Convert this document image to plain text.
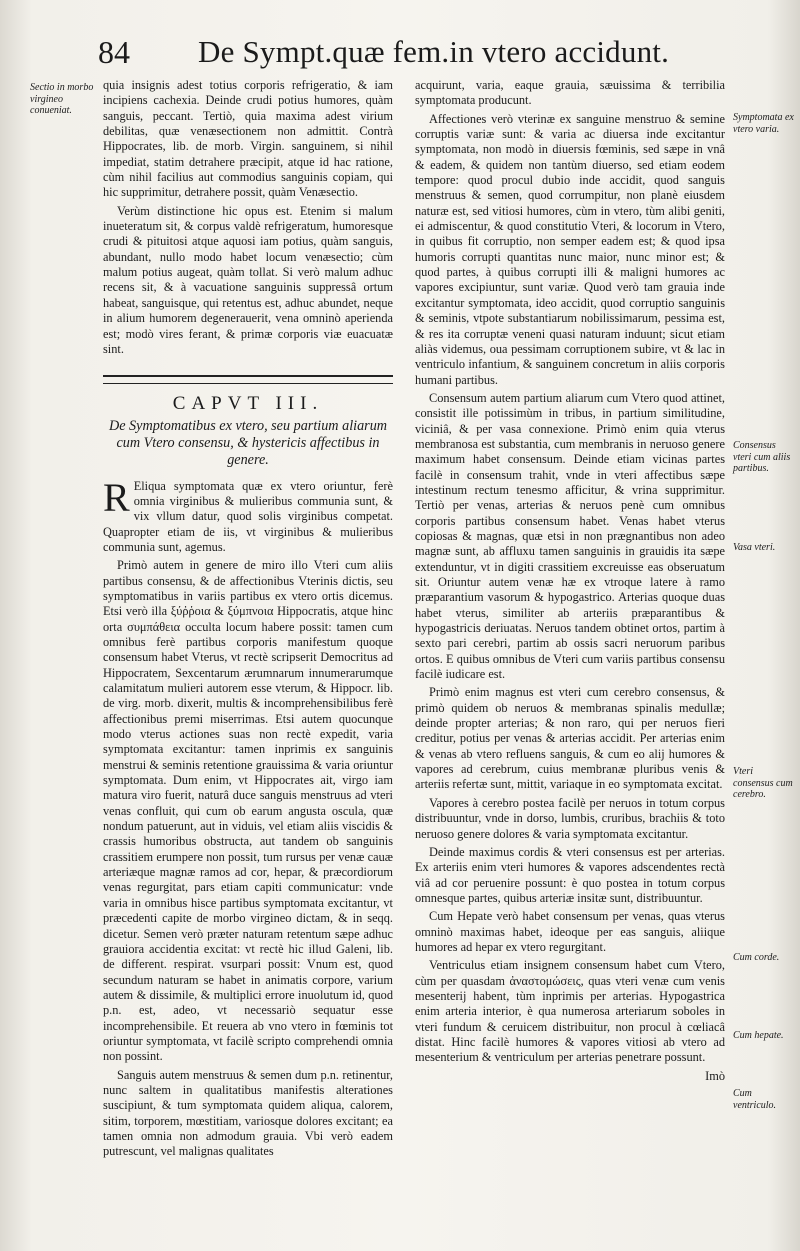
84 De Sympt.quæ fem.in vtero accidunt.
Sectio in morbo virgineo conueniat.
Symptomata ex vtero varia.
Consensus vteri cum aliis partibus.
Vasa vteri.
Vteri consensus cum cerebro.
Cum corde.
Cum hepate.
Cum ventriculo.

quia insignis adest totius corporis refrigeratio, & iam incipiens cachexia. Deinde crudi potius humores, quàm sanguis, peccant. Tertiò, quia maxima adest virium debilitas, quæ venæsectionem non admittit. Contrà Hippocrates, lib. de morb. Virgin. sanguinem, si nihil impediat, statim detrahere præcipit, atque id hac ratione, cùm nihil facilius aut commodius sanguinis copiam, qui hic supprimitur, detrahere possit, quàm Venæsectio.

Verùm distinctione hic opus est. Etenim si malum inueteratum sit, & corpus valdè refrigeratum, humoresque crudi & pituitosi atque aquosi iam potius, quàm sanguis, abundant, nullo modo habet locum venæsectio; cùm malum potius augeat, quàm tollat. Si verò malum adhuc recens sit, & à vacuatione sanguinis suppressâ ortum habeat, sanguisque, qui retentus est, adhuc abundet, neque in alium humorem degenerauerit, vena omninò aperienda est; modò vires ferant, & primæ corporis viæ euacuatæ sint.

CAPVT III.
De Symptomatibus ex vtero, seu partium aliarum cum Vtero consensu, & hystericis affectibus in genere.

R Eliqua symptomata quæ ex vtero oriuntur, ferè omnia virginibus & mulieribus communia sunt, & vix vllum datur, quod solis virginibus competat. Quapropter etiam de iis, vt virginibus & mulieribus communia sunt, agemus.

Primò autem in genere de miro illo Vteri cum aliis partibus consensu, & de affectionibus Vterinis dictis, seu symptomatibus in variis partibus ex vtero ortis dicemus. Etsi verò illa ξύῤῥοια & ξύμπνοια Hippocratis, atque hinc orta συμπάθεια occulta locum habere possit: tamen cum omnibus ferè partibus corporis manifestum quoque consensum habet Vterus, vt rectè scripserit Democritus ad Hippocratem, Sexcentarum ærumnarum innumerarumque calamitatum mulieri autorem esse vterum, & Hippocr. lib. de virg. morb. dixerit, multis & incomprehensibilibus ferè affectionibus premi miserrimas. Etsi autem quocunque modo vterus actiones suas non rectè expedit, varia symptomata excitantur: tamen inprimis ex sanguinis menstrui & seminis retentione grauissima & varia oriuntur symptomata. Dum enim, vt Hippocrates ait, virgo iam matura viro fuerit, naturâ duce sanguis menstruus ad vteri venas confluit, qui cum ob earum angusta oscula, quæ nondum patuerunt, aut in viduis, vel etiam aliis viscidis & crassis humoribus obstructa, aut tandem ob sanguinis crassitiem erumpere non possit, tum rursus per venæ cauæ arteriæque magnæ ramos ad cor, hepar, & præcordiorum venas regurgitat, pars etiam capiti communicatur: vnde varia in omnibus hisce partibus symptomata excitantur, vt præcedenti capite de morbo virgineo dictam, & in seqq. dicetur. Semen verò præter naturam retentum sæpe adhuc grauiora accidentia excitat: vt rectè hic illud Galeni, lib. de different. respirat. vsurpari possit: Vnum est, quod secundum naturam se habet in animatis corpore, varium autem & dissimile, & multiplici errore inuolutum id, quod p.n. est, adeo, vt necessariò sequatur esse incomprehensibile. Et reuera ab vno vtero in fœminis tot oriuntur symptomata, vt facilè scripto comprehendi omnia non possint.

Sanguis autem menstruus & semen dum p.n. retinentur, nunc saltem in qualitatibus manifestis alterationes suscipiunt, & tum symptomata quidem aliqua, calorem, sitim, torporem, mœstitiam, variosque dolores excitant; ea tamen omnia non admodum grauia. Vbi verò eadem putrescunt, vel malignas qualitates

acquirunt, varia, eaque grauia, sæuissima & terribilia symptomata producunt.

Affectiones verò vterinæ ex sanguine menstruo & semine corruptis variæ sunt: & varia ac diuersa inde excitantur symptomata, non modò in diuersis fœminis, sed sæpe in vnâ & eadem, & quidem non tantùm diuerso, sed etiam eodem tempore: quod procul dubio inde accidit, quod sanguis menstruus & semen, quod corrumpitur, non planè eiusdem naturæ est, sed vitiosi humores, cùm in vtero, tùm alibi geniti, ei admiscentur, & quod constitutio Vteri, & locorum in Vtero, in quibus fit corruptio, non semper eadem est; & quod ipsa humoris corrupti quantitas nunc maior, nunc minor est; & quod partes, à quibus corrupti illi & maligni humores ac vapores excipiuntur, sunt variæ. Quod verò tam grauia inde excitantur symptomata, ideo accidit, quod corruptio sanguinis & seminis, vtpote substantiarum nobilissimarum, pessima est, & res ita corruptæ veneni quasi naturam induunt; sicut etiam aliàs videmus, oua pessimam corruptionem subire, vt & lac in ventriculo infantium, & sanguinem concretum in aliis corporis humani partibus.

Consensum autem partium aliarum cum Vtero quod attinet, consistit ille potissimùm in tribus, in partium similitudine, viciniâ, & per vasa connexione. Primò enim quia vterus membranosa est substantia, cum membranis in neruoso genere maximum habet consensum. Deinde etiam vicinas partes facilè in consensum trahit, vnde in vteri affectibus sæpe intestinum rectum tenesmo afficitur, & vrina supprimitur. Tertiò per venas, arterias & neruos penè cum omnibus corporis partibus consensum habet. Venas habet vterus copiosas & magnas, quæ etsi in non prægnantibus non adeo magnæ sunt, ab affluxu tamen sanguinis in grauidis ita sæpe extenduntur, vt in digiti crassitiem excreuisse eas obseruatum sit. Oriuntur autem venæ hæ ex vtroque latere à ramo præparantium vasorum & hypogastrico. Arterias quoque duas habet vterus, similiter ab arteriis præparantibus & hypogastricis deriuatas. Neruos tandem obtinet ortos, partim à sexto pari cerebri, partim ab ossis sacri neruorum paribus ortos. E quibus omnibus de Vteri cum variis partibus consensu facilè iudicare est.

Primò enim magnus est vteri cum cerebro consensus, & primò quidem ob neruos & membranas spinalis medullæ; deinde propter arterias; & non raro, qui per neruos fieri creditur, potius per venas & arterias accidit. Per arterias enim & venas ab vtero refluens sanguis, & cum eo alij humores & vapores ad cerebrum, cuius membranæ pluribus venis & arteriis refertæ sunt, mittit, variaque in eo symptomata excitat.

Vapores à cerebro postea facilè per neruos in totum corpus distribuuntur, vnde in dorso, lumbis, cruribus, brachiis & toto neruoso genere dolores & varia symptomata excitantur.

Deinde maximus cordis & vteri consensus est per arterias. Ex arteriis enim vteri humores & vapores adscendentes rectà viâ ad cor peruenire possunt: è quo postea in totum corpus omnesque partes, quibus arteriæ insitæ sunt, distribuuntur.

Cum Hepate verò habet consensum per venas, quas vterus omninò maximas habet, ideoque per eas sanguis, aliique humores ad hepar ex vtero regurgitant.

Ventriculus etiam insignem consensum habet cum Vtero, cùm per quasdam ἀναστομώσεις, quas vteri venæ cum venis mesenterij habent, tùm inprimis per arterias. Hypogastrica enim arteria interior, è qua numerosa arteriarum soboles in vteri fundum & ceruicem distribuitur, non procul à cœliacâ distat. Hinc facilè humores & vapores vitiosi ab vtero ad mesenterium & ventriculum per arterias penetrare possunt.

Imò
